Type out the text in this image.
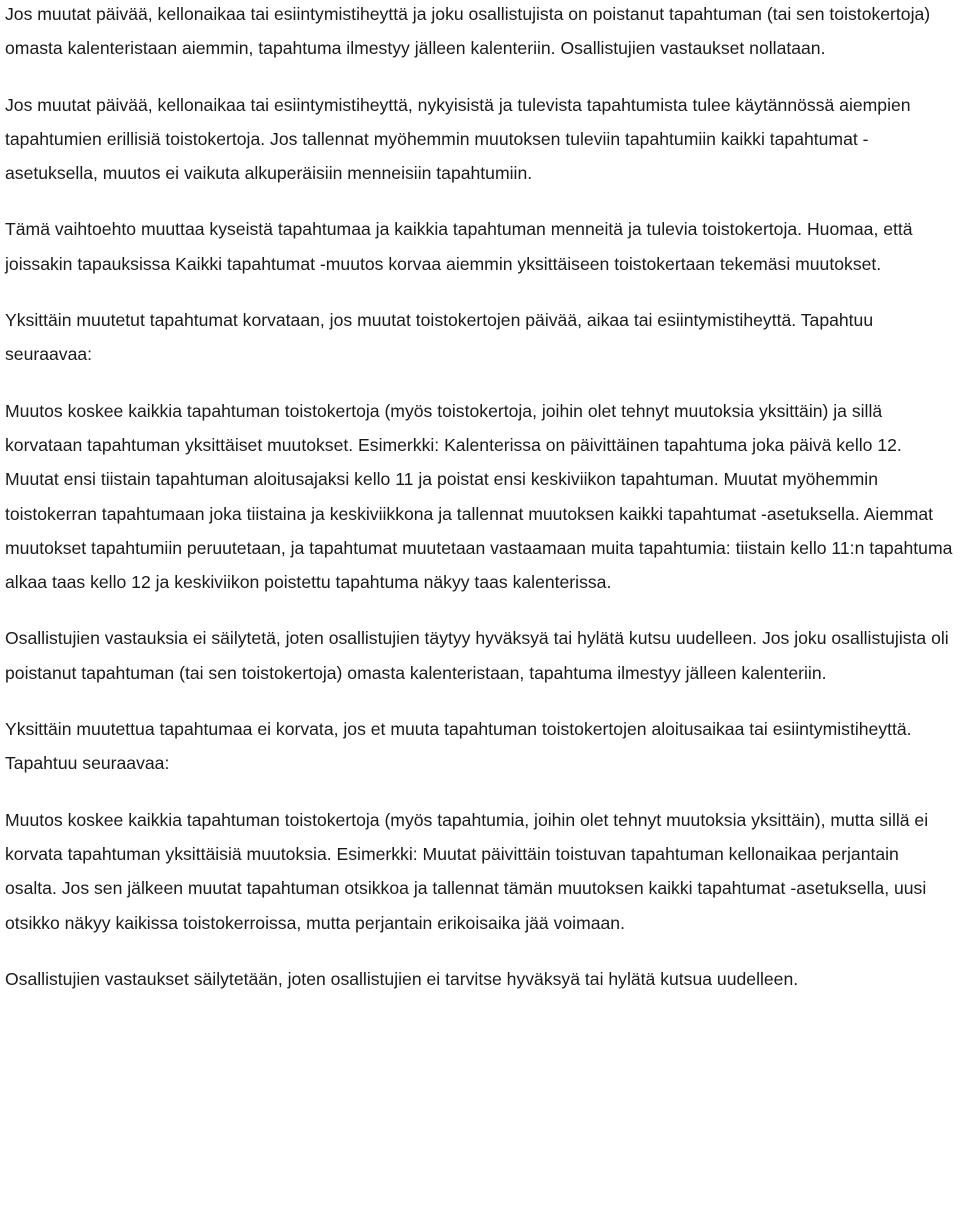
Jos muutat päivää, kellonaikaa tai esiintymistiheyttä ja joku osallistujista on poistanut tapahtuman (tai sen toistokertoja) omasta kalenteristaan aiemmin, tapahtuma ilmestyy jälleen kalenteriin. Osallistujien vastaukset nollataan.

Jos muutat päivää, kellonaikaa tai esiintymistiheyttä, nykyisistä ja tulevista tapahtumista tulee käytännössä aiempien tapahtumien erillisiä toistokertoja. Jos tallennat myöhemmin muutoksen tuleviin tapahtumiin kaikki tapahtumat -asetuksella, muutos ei vaikuta alkuperäisiin menneisiin tapahtumiin.

Tämä vaihtoehto muuttaa kyseistä tapahtumaa ja kaikkia tapahtuman menneitä ja tulevia toistokertoja. Huomaa, että joissakin tapauksissa Kaikki tapahtumat -muutos korvaa aiemmin yksittäiseen toistokertaan tekemäsi muutokset.

Yksittäin muutetut tapahtumat korvataan, jos muutat toistokertojen päivää, aikaa tai esiintymistiheyttä. Tapahtuu seuraavaa:

Muutos koskee kaikkia tapahtuman toistokertoja (myös toistokertoja, joihin olet tehnyt muutoksia yksittäin) ja sillä korvataan tapahtuman yksittäiset muutokset. Esimerkki: Kalenterissa on päivittäinen tapahtuma joka päivä kello 12.Muutat ensi tiistain tapahtuman aloitusajaksi kello 11 ja poistat ensi keskiviikon tapahtuman. Muutat myöhemmin toistokerran tapahtumaan joka tiistaina ja keskiviikkona ja tallennat muutoksen kaikki tapahtumat -asetuksella. Aiemmat muutokset tapahtumiin peruutetaan, ja tapahtumat muutetaan vastaamaan muita tapahtumia: tiistain kello 11:n tapahtuma alkaa taas kello 12 ja keskiviikon poistettu tapahtuma näkyy taas kalenterissa.

Osallistujien vastauksia ei säilytetä, joten osallistujien täytyy hyväksyä tai hylätä kutsu uudelleen. Jos joku osallistujista oli poistanut tapahtuman (tai sen toistokertoja) omasta kalenteristaan, tapahtuma ilmestyy jälleen kalenteriin.

Yksittäin muutettua tapahtumaa ei korvata, jos et muuta tapahtuman toistokertojen aloitusaikaa tai esiintymistiheyttä.Tapahtuu seuraavaa:

Muutos koskee kaikkia tapahtuman toistokertoja (myös tapahtumia, joihin olet tehnyt muutoksia yksittäin), mutta sillä ei korvata tapahtuman yksittäisiä muutoksia. Esimerkki: Muutat päivittäin toistuvan tapahtuman kellonaikaa perjantain osalta. Jos sen jälkeen muutat tapahtuman otsikkoa ja tallennat tämän muutoksen kaikki tapahtumat -asetuksella, uusi otsikko näkyy kaikissa toistokerroissa, mutta perjantain erikoisaika jää voimaan.

Osallistujien vastaukset säilytetään, joten osallistujien ei tarvitse hyväksyä tai hylätä kutsua uudelleen.
